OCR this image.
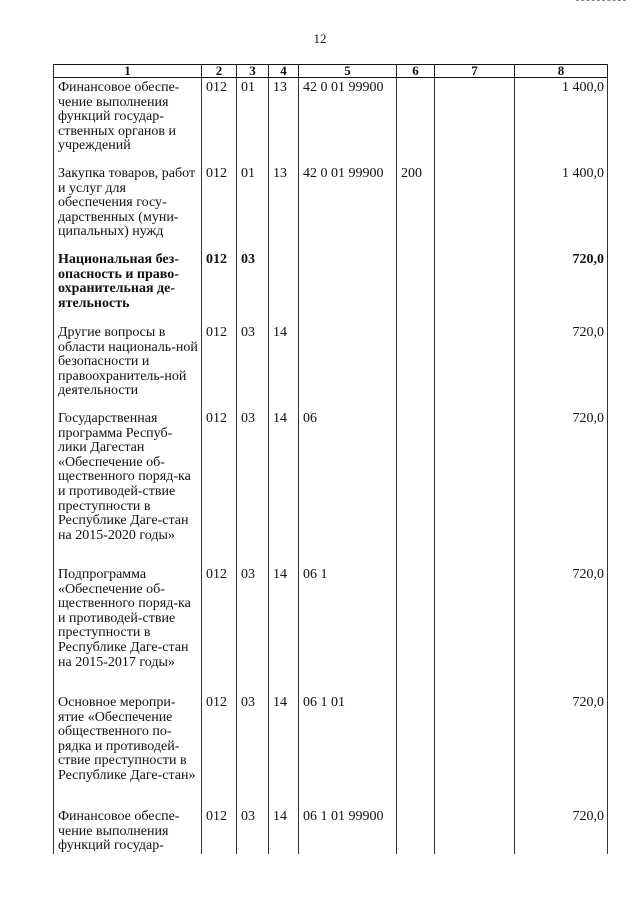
12
1	2	3	4	5	6	7	8
Финансовое обеспе-чение выполнения функций государ-ственных органов и учреждений	012	01	13	42 0 01 99900			1 400,0
Закупка товаров, работ и услуг для обеспечения госу-дарственных (муни-ципальных) нужд	012	01	13	42 0 01 99900	200		1 400,0
Национальная без-опасность и право-охранительная де-ятельность	012	03					720,0
Другие вопросы в области националь-ной безопасности и правоохранитель-ной деятельности	012	03	14				720,0
Государственная программа Респуб-лики Дагестан «Обеспечение об-щественного поряд-ка и противодей-ствие преступности в Республике Даге-стан на 2015-2020 годы»	012	03	14	06			720,0
Подпрограмма «Обеспечение об-щественного поряд-ка и противодей-ствие преступности в Республике Даге-стан на 2015-2017 годы»	012	03	14	06 1			720,0
Основное меропри-ятие «Обеспечение общественного по-рядка и противодей-ствие преступности в Республике Даге-стан»	012	03	14	06 1 01			720,0
Финансовое обеспе-чение выполнения функций государ-	012	03	14	06 1 01 99900			720,0
